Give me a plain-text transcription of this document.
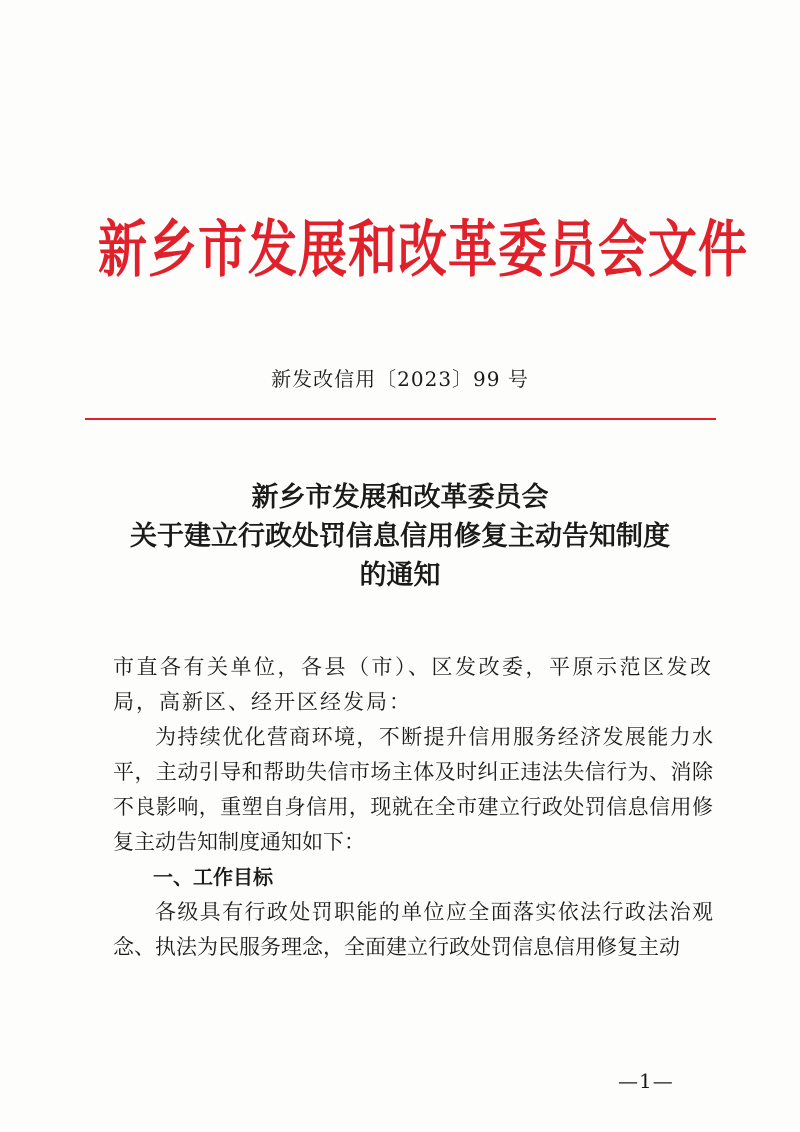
新乡市发展和改革委员会文件
新发改信用〔2023〕99 号
新乡市发展和改革委员会
关于建立行政处罚信息信用修复主动告知制度
的通知

市直各有关单位，各县（市）、区发改委，平原示范区发改局，高新区、经开区经发局：

为持续优化营商环境，不断提升信用服务经济发展能力水平，主动引导和帮助失信市场主体及时纠正违法失信行为、消除不良影响，重塑自身信用，现就在全市建立行政处罚信息信用修复主动告知制度通知如下：

一、工作目标

各级具有行政处罚职能的单位应全面落实依法行政法治观念、执法为民服务理念，全面建立行政处罚信息信用修复主动

—1—
